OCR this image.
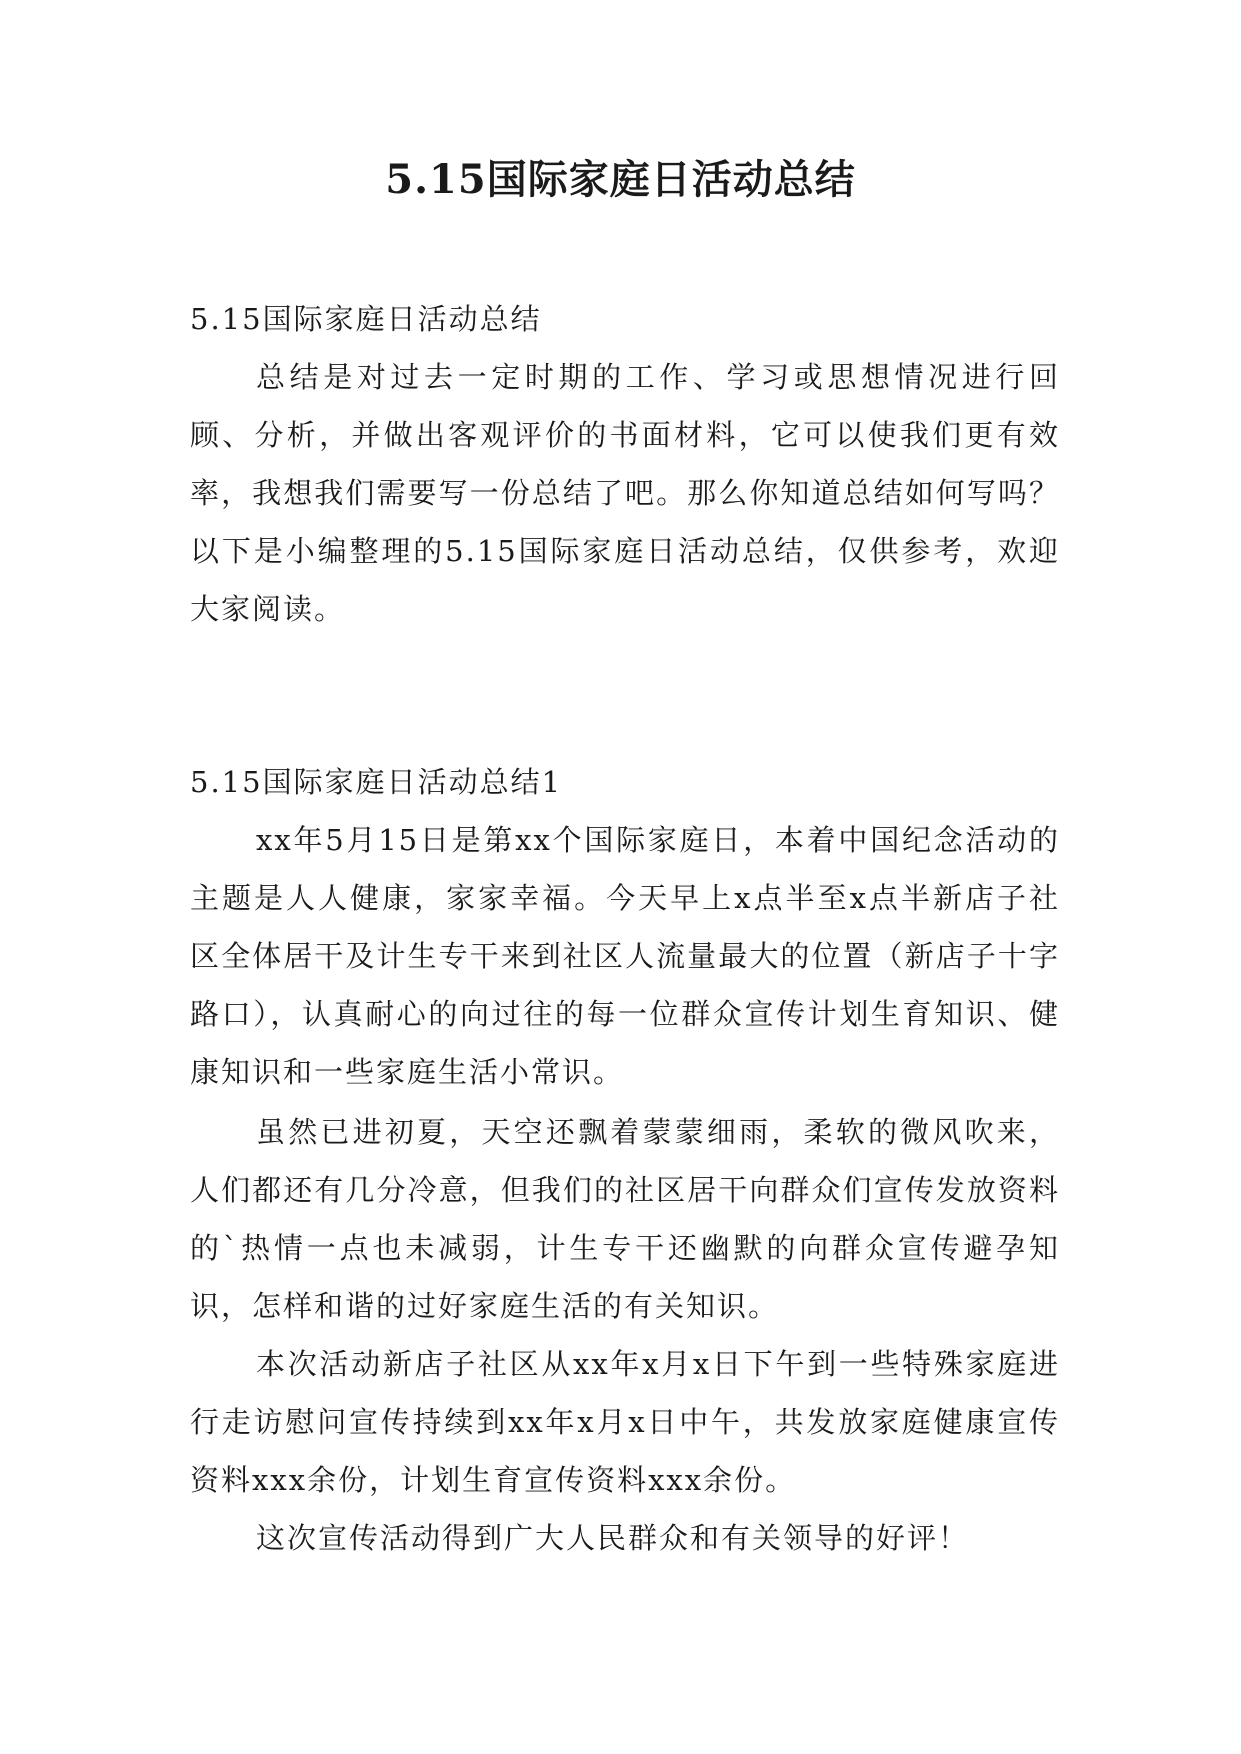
5.15国际家庭日活动总结

5.15国际家庭日活动总结

总结是对过去一定时期的工作、学习或思想情况进行回顾、分析，并做出客观评价的书面材料，它可以使我们更有效率，我想我们需要写一份总结了吧。那么你知道总结如何写吗？以下是小编整理的5.15国际家庭日活动总结，仅供参考，欢迎大家阅读。

5.15国际家庭日活动总结1

xx年5月15日是第xx个国际家庭日，本着中国纪念活动的主题是人人健康，家家幸福。今天早上x点半至x点半新店子社区全体居干及计生专干来到社区人流量最大的位置（新店子十字路口），认真耐心的向过往的每一位群众宣传计划生育知识、健康知识和一些家庭生活小常识。

虽然已进初夏，天空还飘着蒙蒙细雨，柔软的微风吹来，人们都还有几分冷意，但我们的社区居干向群众们宣传发放资料的`热情一点也未减弱，计生专干还幽默的向群众宣传避孕知识，怎样和谐的过好家庭生活的有关知识。

本次活动新店子社区从xx年x月x日下午到一些特殊家庭进行走访慰问宣传持续到xx年x月x日中午，共发放家庭健康宣传资料xxx余份，计划生育宣传资料xxx余份。

这次宣传活动得到广大人民群众和有关领导的好评！
